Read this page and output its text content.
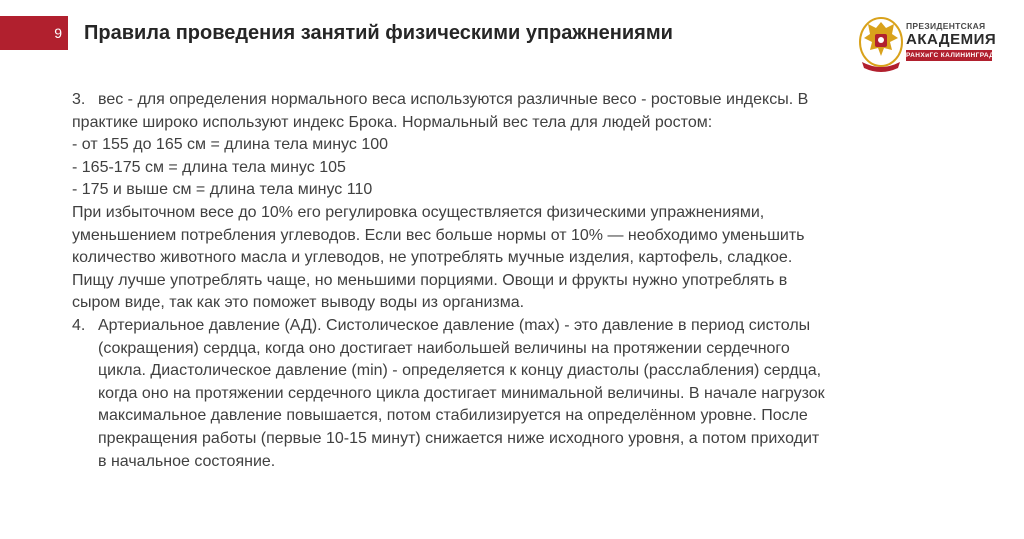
9 Правила проведения занятий физическими упражнениями	ПРЕЗИДЕНТСКАЯ
АКАДЕМИЯ
РАНХиГС КАЛИНИНГРАД
3. вес - для определения нормального веса используются различные весо - ростовые индексы. В
практике широко используют индекс Брока. Нормальный вес тела для людей ростом:
- от 155 до 165 см = длина тела минус 100
- 165-175 см = длина тела минус 105
- 175 и выше см = длина тела минус 110
При избыточном весе до 10% его регулировка осуществляется физическими упражнениями,
уменьшением потребления углеводов. Если вес больше нормы от 10% — необходимо уменьшить
количество животного масла и углеводов, не употреблять мучные изделия, картофель, сладкое.
Пищу лучше употреблять чаще, но меньшими порциями. Овощи и фрукты нужно употреблять в
сыром виде, так как это поможет выводу воды из организма.
4. Артериальное давление (АД). Систолическое давление (max) - это давление в период систолы
(сокращения) сердца, когда оно достигает наибольшей величины на протяжении сердечного
цикла. Диастолическое давление (min) - определяется к концу диастолы (расслабления) сердца,
когда оно на протяжении сердечного цикла достигает минимальной величины. В начале нагрузок
максимальное давление повышается, потом стабилизируется на определённом уровне. После
прекращения работы (первые 10-15 минут) снижается ниже исходного уровня, а потом приходит
в начальное состояние.
